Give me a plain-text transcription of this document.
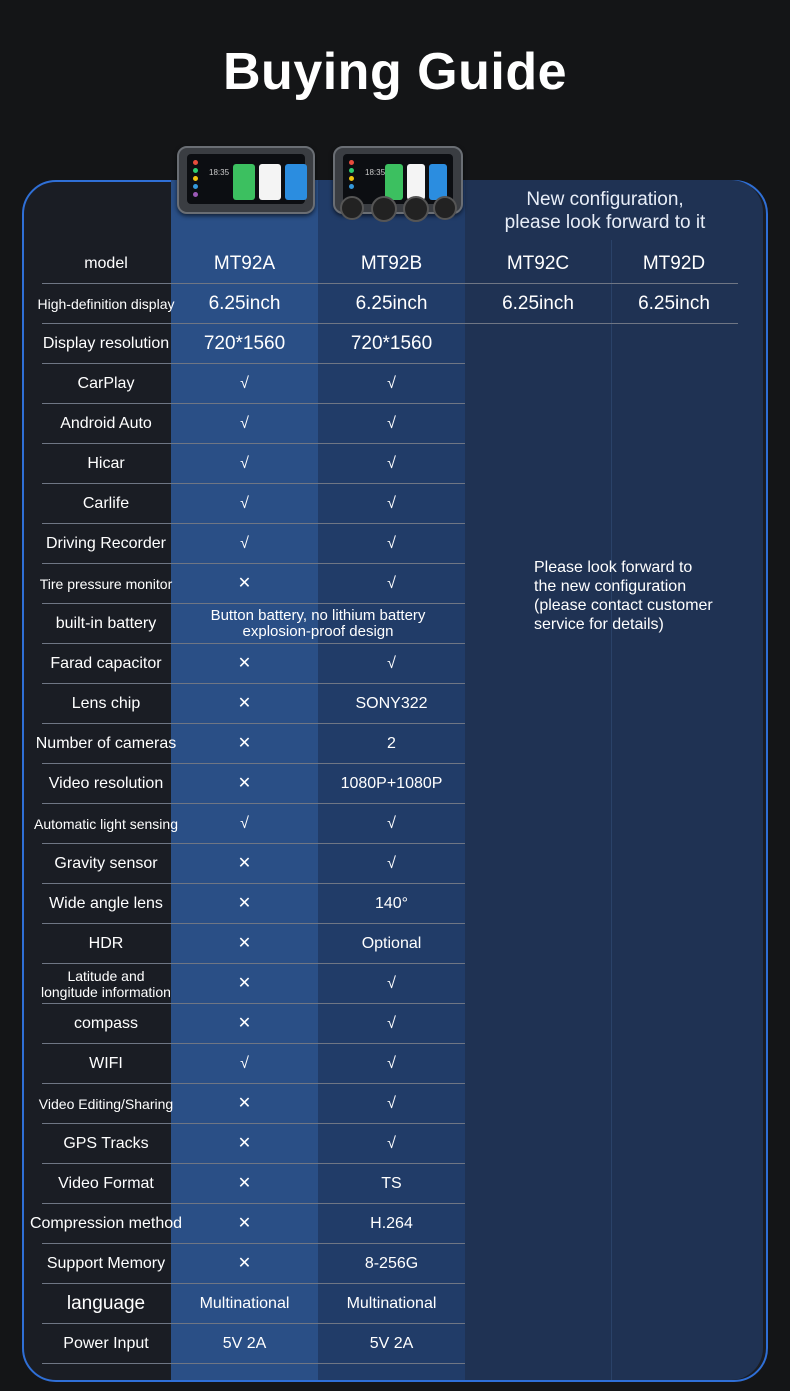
Buying Guide
18:35	18:35
New configuration,
please look forward to it
model	MT92A	MT92B	MT92C	MT92D
High-definition display	6.25inch	6.25inch	6.25inch	6.25inch
Display resolution	720*1560	720*1560
CarPlay	√	√
Android Auto	√	√
Hicar	√	√
Carlife	√	√
Driving Recorder	√	√
Tire pressure monitor	✕	√
built-in battery	Button battery, no lithium battery
explosion-proof design
Farad capacitor	✕	√
Lens chip	✕	SONY322
Number of cameras	✕	2
Video resolution	✕	1080P+1080P
Automatic light sensing	√	√
Gravity sensor	✕	√
Wide angle lens	✕	140°
HDR	✕	Optional
Latitude and
longitude information	✕	√
compass	✕	√
WIFI	√	√
Video Editing/Sharing	✕	√
GPS Tracks	✕	√
Video Format	✕	TS
Compression method	✕	H.264
Support Memory	✕	8-256G
language	Multinational	Multinational
Power Input	5V 2A	5V 2A
Please look forward to
the new configuration
(please contact customer
service for details)
